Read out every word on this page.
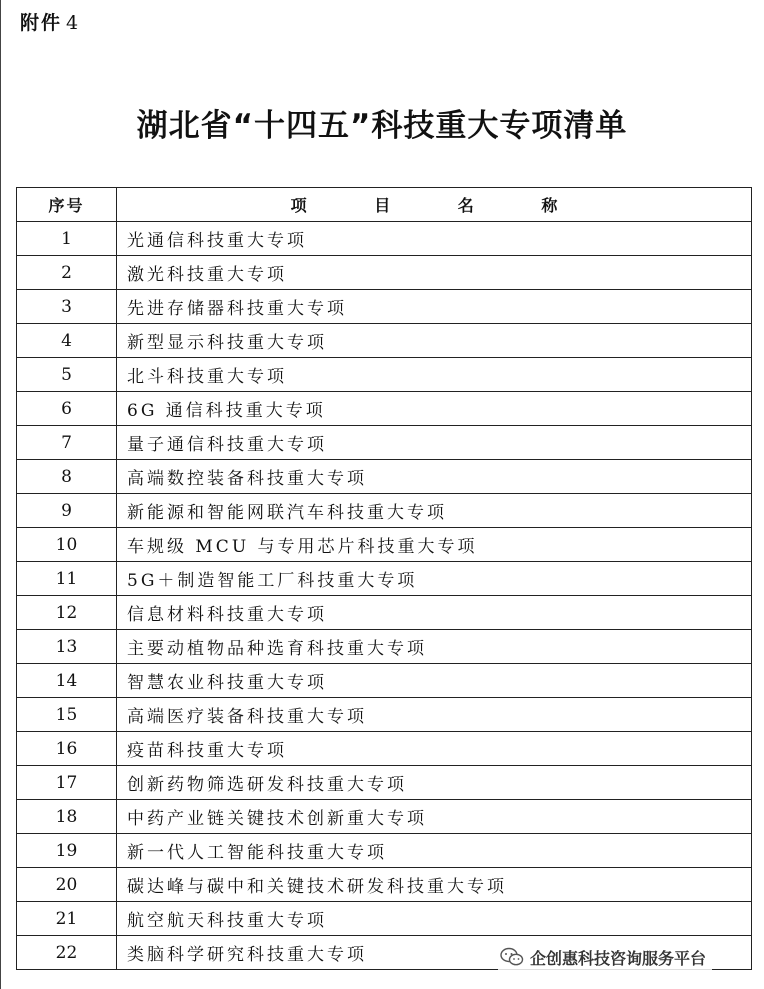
附件 4
湖北省“十四五”科技重大专项清单
序号	项 目 名 称
1	光通信科技重大专项
2	激光科技重大专项
3	先进存储器科技重大专项
4	新型显示科技重大专项
5	北斗科技重大专项
6	6G 通信科技重大专项
7	量子通信科技重大专项
8	高端数控装备科技重大专项
9	新能源和智能网联汽车科技重大专项
10	车规级 MCU 与专用芯片科技重大专项
11	5G＋制造智能工厂科技重大专项
12	信息材料科技重大专项
13	主要动植物品种选育科技重大专项
14	智慧农业科技重大专项
15	高端医疗装备科技重大专项
16	疫苗科技重大专项
17	创新药物筛选研发科技重大专项
18	中药产业链关键技术创新重大专项
19	新一代人工智能科技重大专项
20	碳达峰与碳中和关键技术研发科技重大专项
21	航空航天科技重大专项
22	类脑科学研究科技重大专项	企创惠科技咨询服务平台
